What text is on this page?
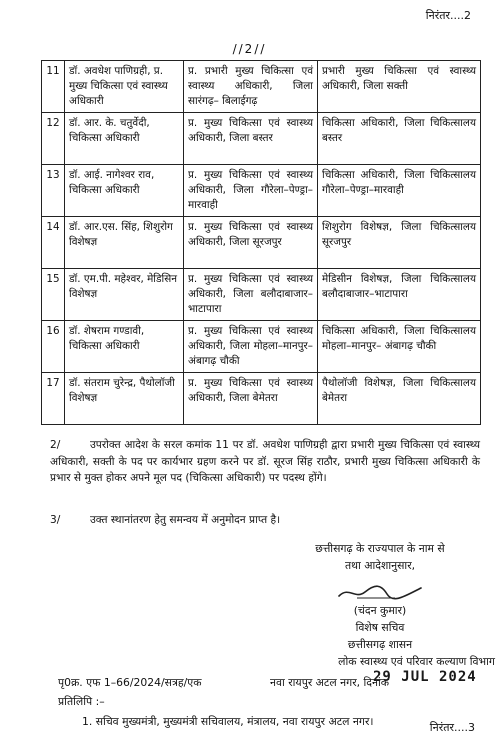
निरंतर....2
//2//
11	डॉ. अवधेश पाणिग्रही, प्र. मुख्य चिकित्सा एवं स्वास्थ्य अधिकारी	प्र. प्रभारी मुख्य चिकित्सा एवं स्वास्थ्य अधिकारी, जिला सारंगढ़– बिलाईगढ़	प्रभारी मुख्य चिकित्सा एवं स्वास्थ्य अधिकारी, जिला सक्ती
12	डॉ. आर. के. चतुर्वेदी, चिकित्सा अधिकारी	प्र. मुख्य चिकित्सा एवं स्वास्थ्य अधिकारी, जिला बस्तर	चिकित्सा अधिकारी, जिला चिकित्सालय बस्तर
13	डॉ. आई. नागेश्वर राव, चिकित्सा अधिकारी	प्र. मुख्य चिकित्सा एवं स्वास्थ्य अधिकारी, जिला गौरेला–पेण्ड्रा–मारवाही	चिकित्सा अधिकारी, जिला चिकित्सालय गौरेला–पेण्ड्रा–मारवाही
14	डॉ. आर.एस. सिंह, शिशुरोग विशेषज्ञ	प्र. मुख्य चिकित्सा एवं स्वास्थ्य अधिकारी, जिला सूरजपुर	शिशुरोग विशेषज्ञ, जिला चिकित्सालय सूरजपुर
15	डॉ. एम.पी. महेश्वर, मेडिसिन विशेषज्ञ	प्र. मुख्य चिकित्सा एवं स्वास्थ्य अधिकारी, जिला बलौदाबाजार–भाटापारा	मेडिसीन विशेषज्ञ, जिला चिकित्सालय बलौदाबाजार–भाटापारा
16	डॉ. शेषराम गण्डावी, चिकित्सा अधिकारी	प्र. मुख्य चिकित्सा एवं स्वास्थ्य अधिकारी, जिला मोहला–मानपुर– अंबागढ़ चौकी	चिकित्सा अधिकारी, जिला चिकित्सालय मोहला–मानपुर– अंबागढ़ चौकी
17	डॉ. संतराम चुरेन्द्र, पैथोलॉजी विशेषज्ञ	प्र. मुख्य चिकित्सा एवं स्वास्थ्य अधिकारी, जिला बेमेतरा	पैथोलॉजी विशेषज्ञ, जिला चिकित्सालय बेमेतरा
2/	उपरोक्त आदेश के सरल कमांक 11 पर डॉ. अवधेश पाणिग्रही द्वारा प्रभारी मुख्य चिकित्सा एवं स्वास्थ्य अधिकारी, सक्ती के पद पर कार्यभार ग्रहण करने पर डॉ. सूरज सिंह राठौर, प्रभारी मुख्य चिकित्सा अधिकारी के प्रभार से मुक्त होकर अपने मूल पद (चिकित्सा अधिकारी) पर पदस्थ होंगे।
3/	उक्त स्थानांतरण हेतु समन्वय में अनुमोदन प्राप्त है।
छत्तीसगढ़ के राज्यपाल के नाम से
तथा आदेशानुसार,
(चंदन कुमार)
विशेष सचिव
छत्तीसगढ़ शासन
लोक स्वास्थ्य एवं परिवार कल्याण विभाग
पृ0क्र. एफ 1–66/2024/सत्रह/एक	नवा रायपुर अटल नगर, दिनांक
29 JUL 2024
प्रतिलिपि :–
1. सचिव मुख्यमंत्री, मुख्यमंत्री सचिवालय, मंत्रालय, नवा रायपुर अटल नगर।	निरंतर....3
